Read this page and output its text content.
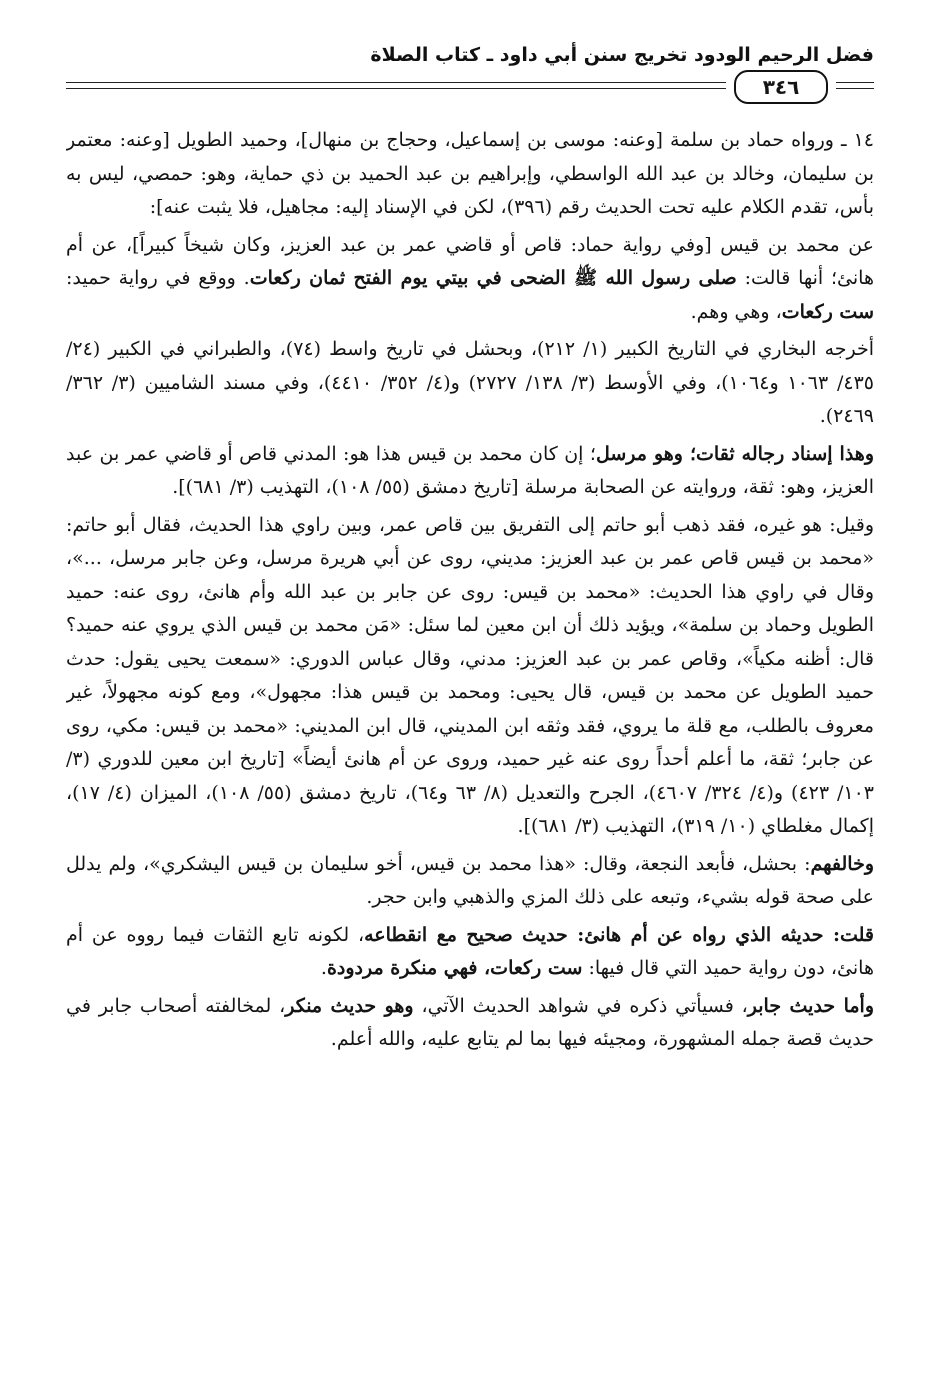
فضل الرحيم الودود تخريج سنن أبي داود ـ كتاب الصلاة
٣٤٦

١٤ ـ ورواه حماد بن سلمة [وعنه: موسى بن إسماعيل، وحجاج بن منهال]، وحميد الطويل [وعنه: معتمر بن سليمان، وخالد بن عبد الله الواسطي، وإبراهيم بن عبد الحميد بن ذي حماية، وهو: حمصي، ليس به بأس، تقدم الكلام عليه تحت الحديث رقم (٣٩٦)، لكن في الإسناد إليه: مجاهيل، فلا يثبت عنه]:

عن محمد بن قيس [وفي رواية حماد: قاص أو قاضي عمر بن عبد العزيز، وكان شيخاً كبيراً]، عن أم هانئ؛ أنها قالت: صلى رسول الله ﷺ الضحى في بيتي يوم الفتح ثمان ركعات. ووقع في رواية حميد: ست ركعات، وهي وهم.

أخرجه البخاري في التاريخ الكبير (١/ ٢١٢)، وبحشل في تاريخ واسط (٧٤)، والطبراني في الكبير (٢٤/ ٤٣٥/ ١٠٦٣ و١٠٦٤)، وفي الأوسط (٣/ ١٣٨/ ٢٧٢٧) و(٤/ ٣٥٢/ ٤٤١٠)، وفي مسند الشاميين (٣/ ٣٦٢/ ٢٤٦٩).

وهذا إسناد رجاله ثقات؛ وهو مرسل؛ إن كان محمد بن قيس هذا هو: المدني قاص أو قاضي عمر بن عبد العزيز، وهو: ثقة، وروايته عن الصحابة مرسلة [تاريخ دمشق (٥٥/ ١٠٨)، التهذيب (٣/ ٦٨١)].

وقيل: هو غيره، فقد ذهب أبو حاتم إلى التفريق بين قاص عمر، وبين راوي هذا الحديث، فقال أبو حاتم: «محمد بن قيس قاص عمر بن عبد العزيز: مديني، روى عن أبي هريرة مرسل، وعن جابر مرسل، ...»، وقال في راوي هذا الحديث: «محمد بن قيس: روى عن جابر بن عبد الله وأم هانئ، روى عنه: حميد الطويل وحماد بن سلمة»، ويؤيد ذلك أن ابن معين لما سئل: «مَن محمد بن قيس الذي يروي عنه حميد؟ قال: أظنه مكياً»، وقاص عمر بن عبد العزيز: مدني، وقال عباس الدوري: «سمعت يحيى يقول: حدث حميد الطويل عن محمد بن قيس، قال يحيى: ومحمد بن قيس هذا: مجهول»، ومع كونه مجهولاً، غير معروف بالطلب، مع قلة ما يروي، فقد وثقه ابن المديني، قال ابن المديني: «محمد بن قيس: مكي، روى عن جابر؛ ثقة، ما أعلم أحداً روى عنه غير حميد، وروى عن أم هانئ أيضاً» [تاريخ ابن معين للدوري (٣/ ١٠٣/ ٤٢٣) و(٤/ ٣٢٤/ ٤٦٠٧)، الجرح والتعديل (٨/ ٦٣ و٦٤)، تاريخ دمشق (٥٥/ ١٠٨)، الميزان (٤/ ١٧)، إكمال مغلطاي (١٠/ ٣١٩)، التهذيب (٣/ ٦٨١)].

وخالفهم: بحشل، فأبعد النجعة، وقال: «هذا محمد بن قيس، أخو سليمان بن قيس اليشكري»، ولم يدلل على صحة قوله بشيء، وتبعه على ذلك المزي والذهبي وابن حجر.

قلت: حديثه الذي رواه عن أم هانئ: حديث صحيح مع انقطاعه، لكونه تابع الثقات فيما رووه عن أم هانئ، دون رواية حميد التي قال فيها: ست ركعات، فهي منكرة مردودة.

وأما حديث جابر، فسيأتي ذكره في شواهد الحديث الآتي، وهو حديث منكر، لمخالفته أصحاب جابر في حديث قصة جمله المشهورة، ومجيئه فيها بما لم يتابع عليه، والله أعلم.
